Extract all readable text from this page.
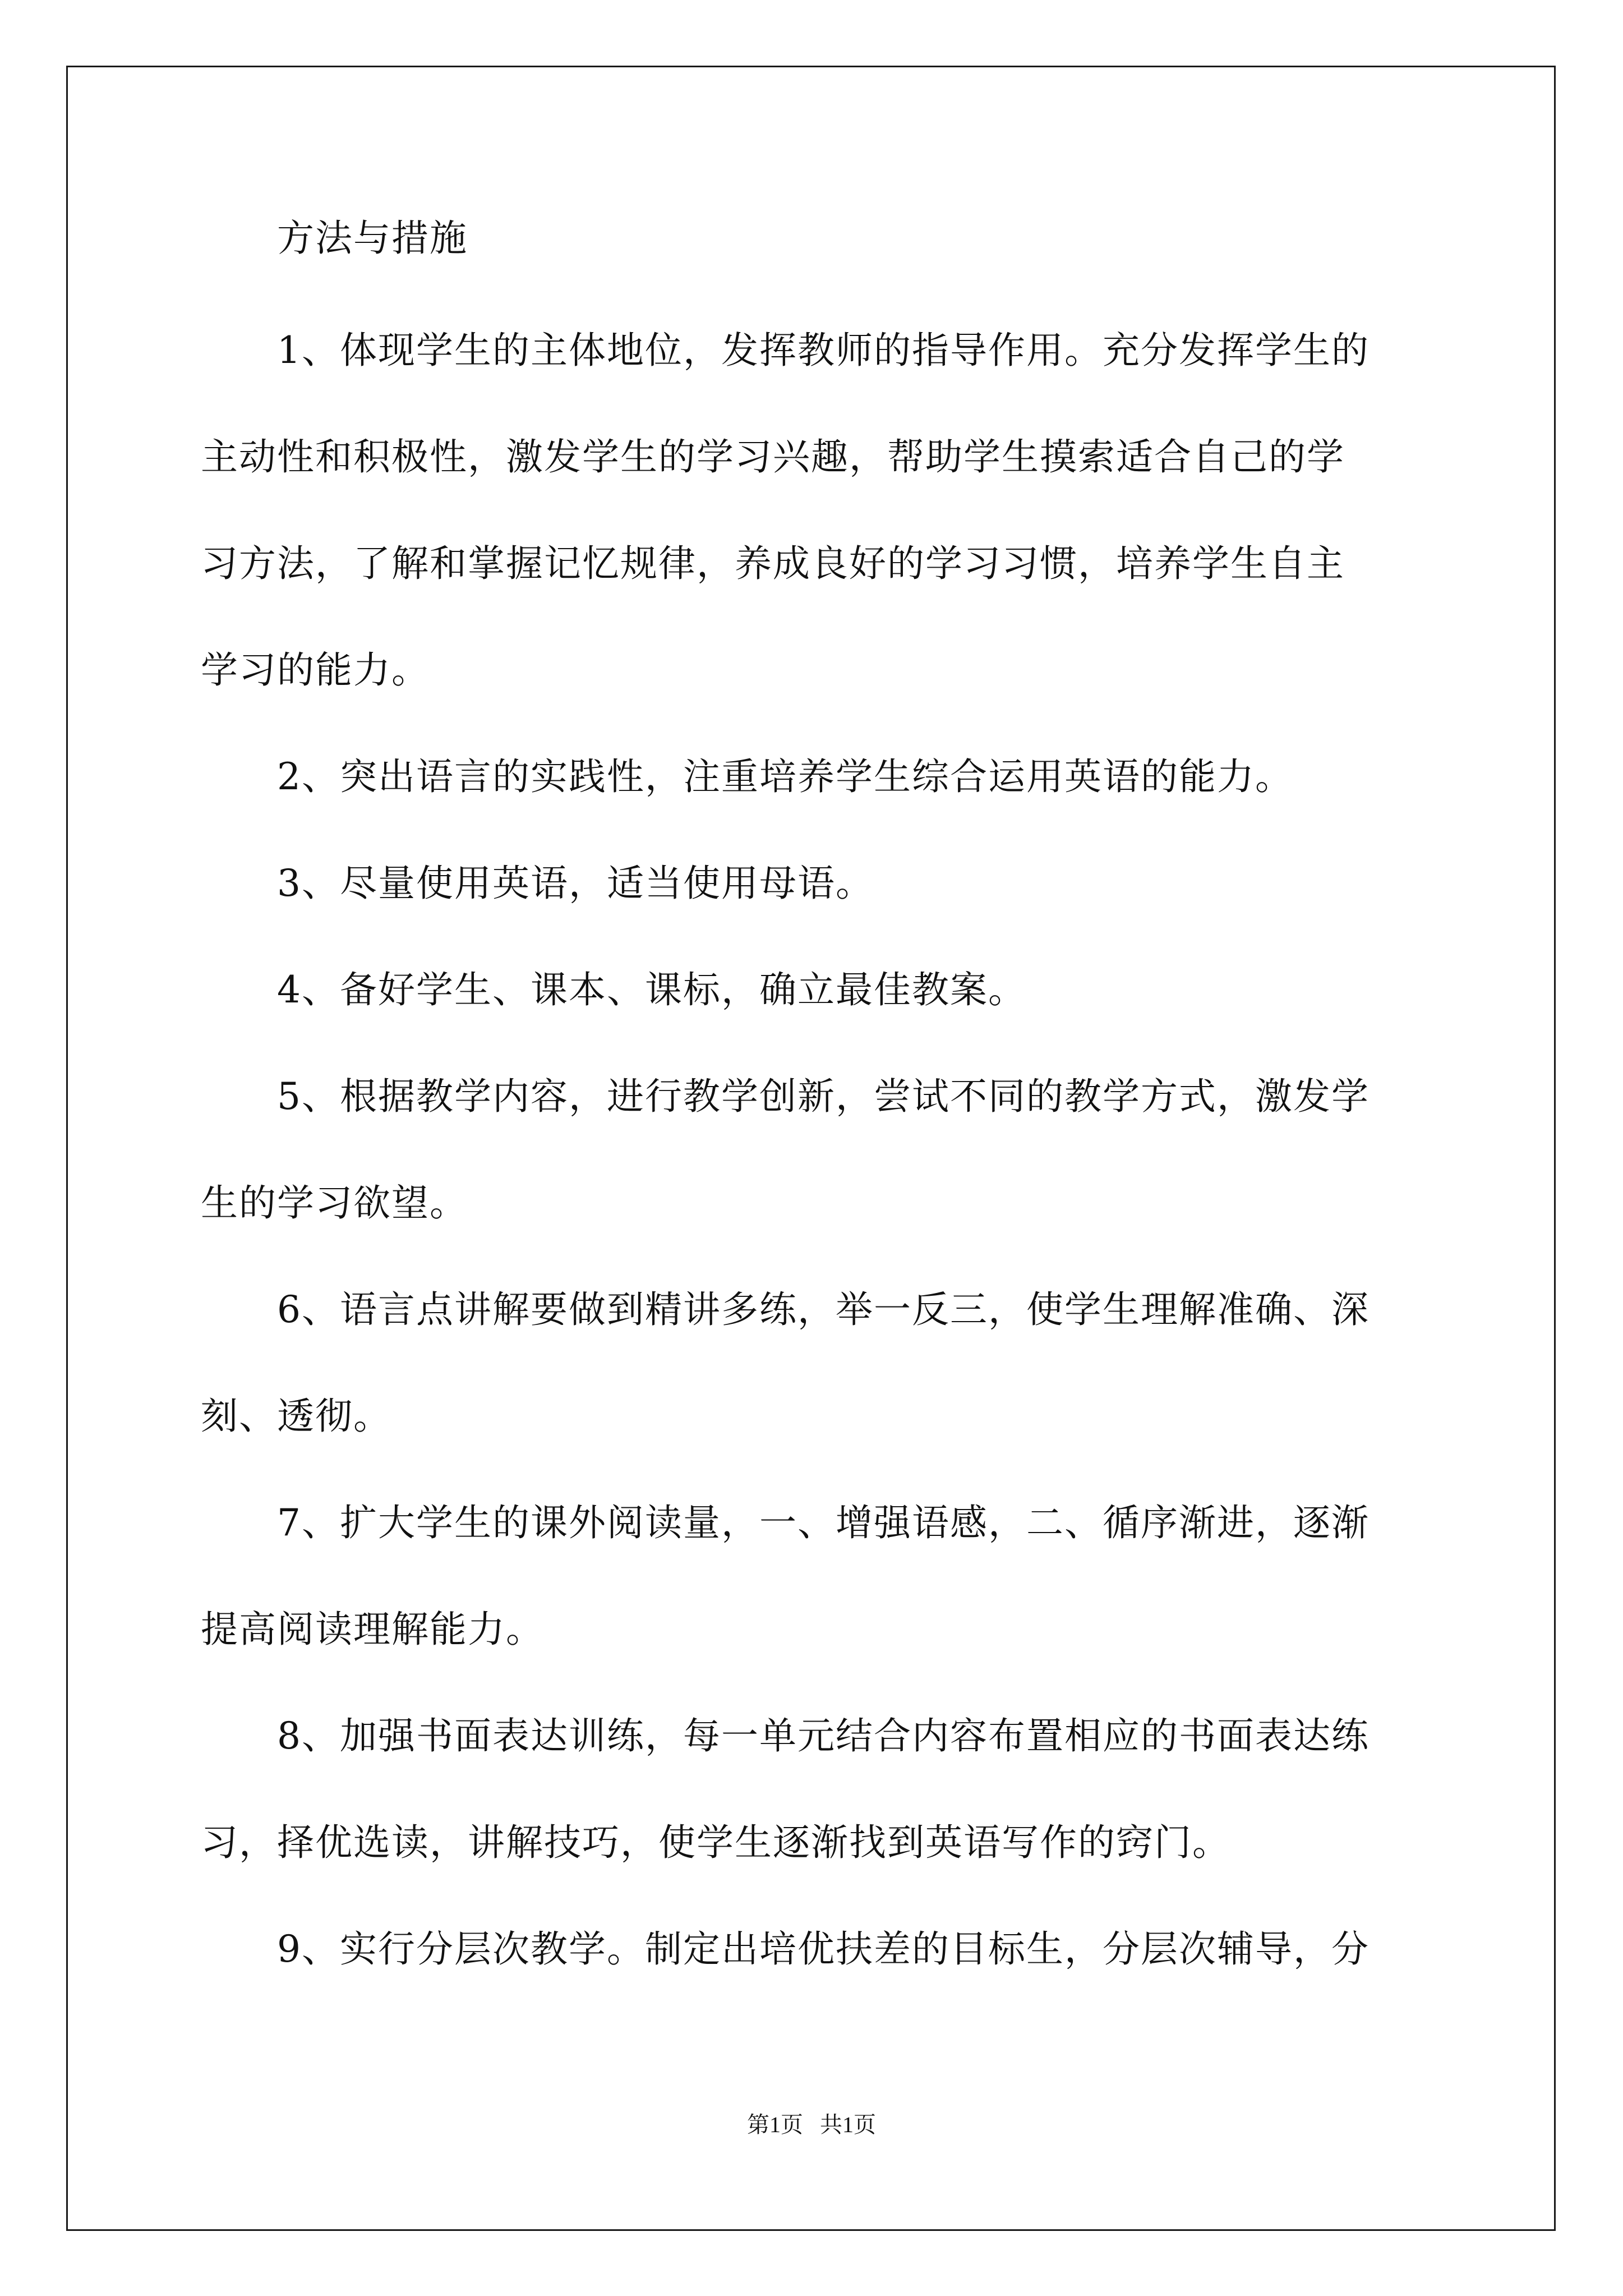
方法与措施
1、体现学生的主体地位，发挥教师的指导作用。充分发挥学生的
主动性和积极性，激发学生的学习兴趣，帮助学生摸索适合自己的学
习方法，了解和掌握记忆规律，养成良好的学习习惯，培养学生自主
学习的能力。
2、突出语言的实践性，注重培养学生综合运用英语的能力。
3、尽量使用英语，适当使用母语。
4、备好学生、课本、课标，确立最佳教案。
5、根据教学内容，进行教学创新，尝试不同的教学方式，激发学
生的学习欲望。
6、语言点讲解要做到精讲多练，举一反三，使学生理解准确、深
刻、透彻。
7、扩大学生的课外阅读量，一、增强语感，二、循序渐进，逐渐
提高阅读理解能力。
8、加强书面表达训练，每一单元结合内容布置相应的书面表达练
习，择优选读，讲解技巧，使学生逐渐找到英语写作的窍门。
9、实行分层次教学。制定出培优扶差的目标生，分层次辅导，分
第1页   共1页
